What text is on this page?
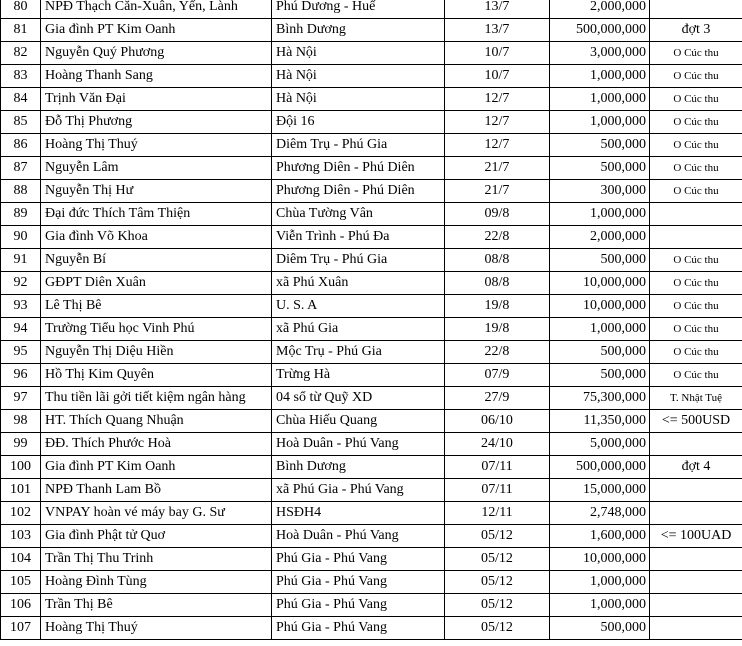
80	NPĐ Thạch Căn-Xuân, Yến, Lành	Phú Dương - Huế	13/7	2,000,000	
81	Gia đình PT Kim Oanh	Bình Dương	13/7	500,000,000	đợt 3
82	Nguyễn Quý Phương	Hà Nội	10/7	3,000,000	O Cúc thu
83	Hoàng Thanh Sang	Hà Nội	10/7	1,000,000	O Cúc thu
84	Trịnh Văn Đại	Hà Nội	12/7	1,000,000	O Cúc thu
85	Đỗ Thị Phương	Đội 16	12/7	1,000,000	O Cúc thu
86	Hoàng Thị Thuý	Diêm Trụ - Phú Gia	12/7	500,000	O Cúc thu
87	Nguyễn Lâm	Phương Diên - Phú Diên	21/7	500,000	O Cúc thu
88	Nguyễn Thị Hư	Phương Diên - Phú Diên	21/7	300,000	O Cúc thu
89	Đại đức Thích Tâm Thiện	Chùa Tường Vân	09/8	1,000,000	
90	Gia đình Võ Khoa	Viễn Trình - Phú Đa	22/8	2,000,000	
91	Nguyễn Bí	Diêm Trụ - Phú Gia	08/8	500,000	O Cúc thu
92	GĐPT Diên Xuân	xã Phú Xuân	08/8	10,000,000	O Cúc thu
93	Lê Thị Bê	U. S. A	19/8	10,000,000	O Cúc thu
94	Trường Tiểu học Vinh Phú	xã Phú Gia	19/8	1,000,000	O Cúc thu
95	Nguyễn Thị Diệu Hiền	Mộc Trụ - Phú Gia	22/8	500,000	O Cúc thu
96	Hồ Thị Kim Quyên	Trừng Hà	07/9	500,000	O Cúc thu
97	Thu tiền lãi gởi tiết kiệm ngân hàng	04 sổ từ Quỹ XD	27/9	75,300,000	T. Nhật Tuệ
98	HT. Thích Quang Nhuận	Chùa Hiếu Quang	06/10	11,350,000	<= 500USD
99	ĐĐ. Thích Phước Hoà	Hoà Duân - Phú Vang	24/10	5,000,000	
100	Gia đình PT Kim Oanh	Bình Dương	07/11	500,000,000	đợt 4
101	NPĐ Thanh Lam Bồ	xã Phú Gia - Phú Vang	07/11	15,000,000	
102	VNPAY hoàn vé máy bay G. Sư	HSĐH4	12/11	2,748,000	
103	Gia đình Phật tử Quơ	Hoà Duân - Phú Vang	05/12	1,600,000	<= 100UAD
104	Trần Thị Thu Trinh	Phú Gia - Phú Vang	05/12	10,000,000	
105	Hoàng Đình Tùng	Phú Gia - Phú Vang	05/12	1,000,000	
106	Trần Thị Bê	Phú Gia - Phú Vang	05/12	1,000,000	
107	Hoàng Thị Thuý	Phú Gia - Phú Vang	05/12	500,000	
